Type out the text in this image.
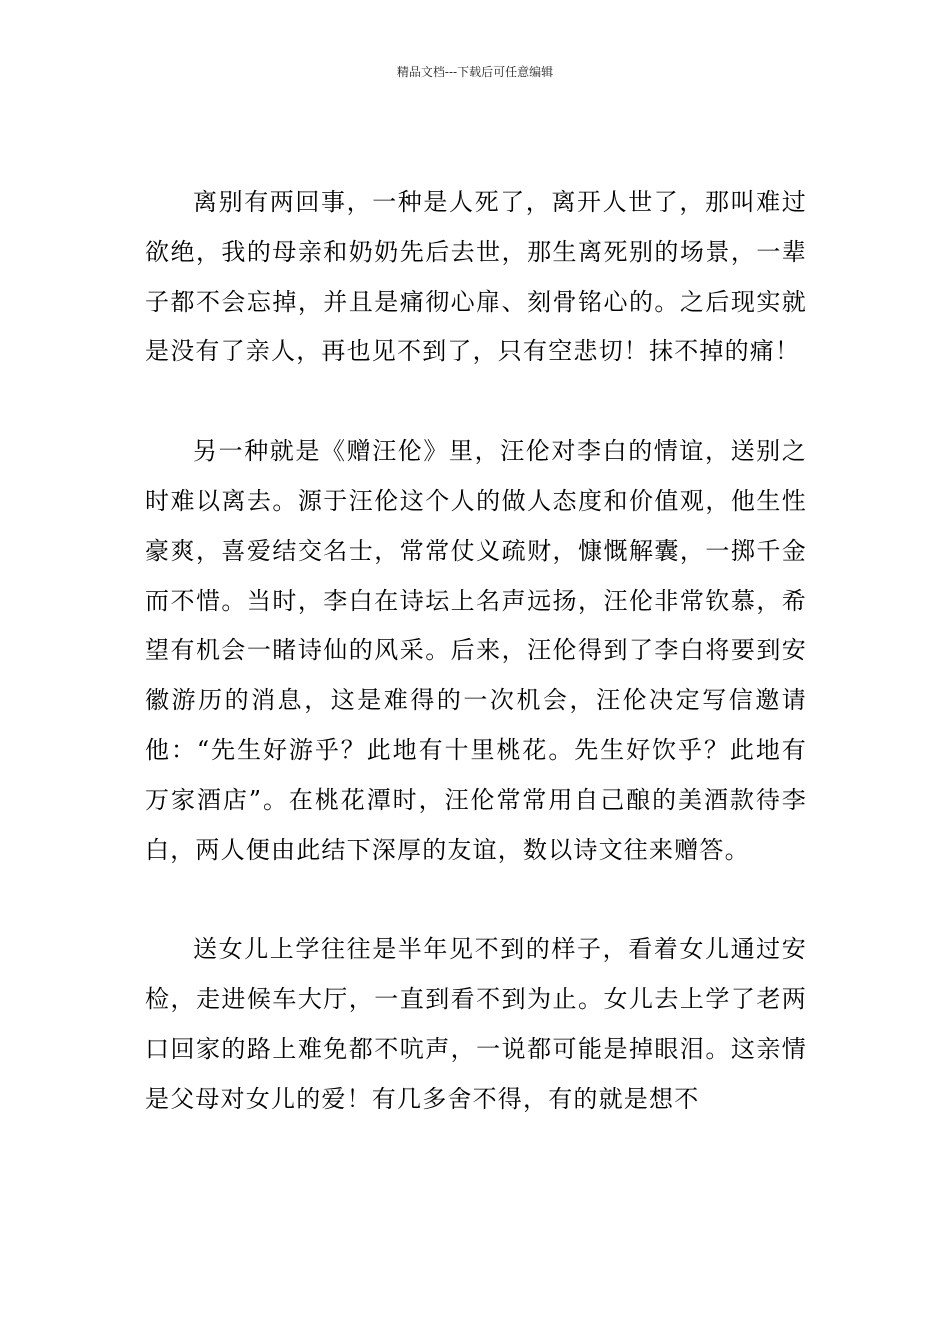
精品文档---下载后可任意编辑

离别有两回事，一种是人死了，离开人世了，那叫难过欲绝，我的母亲和奶奶先后去世，那生离死别的场景，一辈子都不会忘掉，并且是痛彻心扉、刻骨铭心的。之后现实就是没有了亲人，再也见不到了，只有空悲切！抹不掉的痛！

另一种就是《赠汪伦》里，汪伦对李白的情谊，送别之时难以离去。源于汪伦这个人的做人态度和价值观，他生性豪爽，喜爱结交名士，常常仗义疏财，慷慨解囊，一掷千金而不惜。当时，李白在诗坛上名声远扬，汪伦非常钦慕，希望有机会一睹诗仙的风采。后来，汪伦得到了李白将要到安徽游历的消息，这是难得的一次机会，汪伦决定写信邀请他：“先生好游乎？此地有十里桃花。先生好饮乎？此地有万家酒店”。在桃花潭时，汪伦常常用自己酿的美酒款待李白，两人便由此结下深厚的友谊，数以诗文往来赠答。

送女儿上学往往是半年见不到的样子，看着女儿通过安检，走进候车大厅，一直到看不到为止。女儿去上学了老两口回家的路上难免都不吭声，一说都可能是掉眼泪。这亲情是父母对女儿的爱！有几多舍不得，有的就是想不
